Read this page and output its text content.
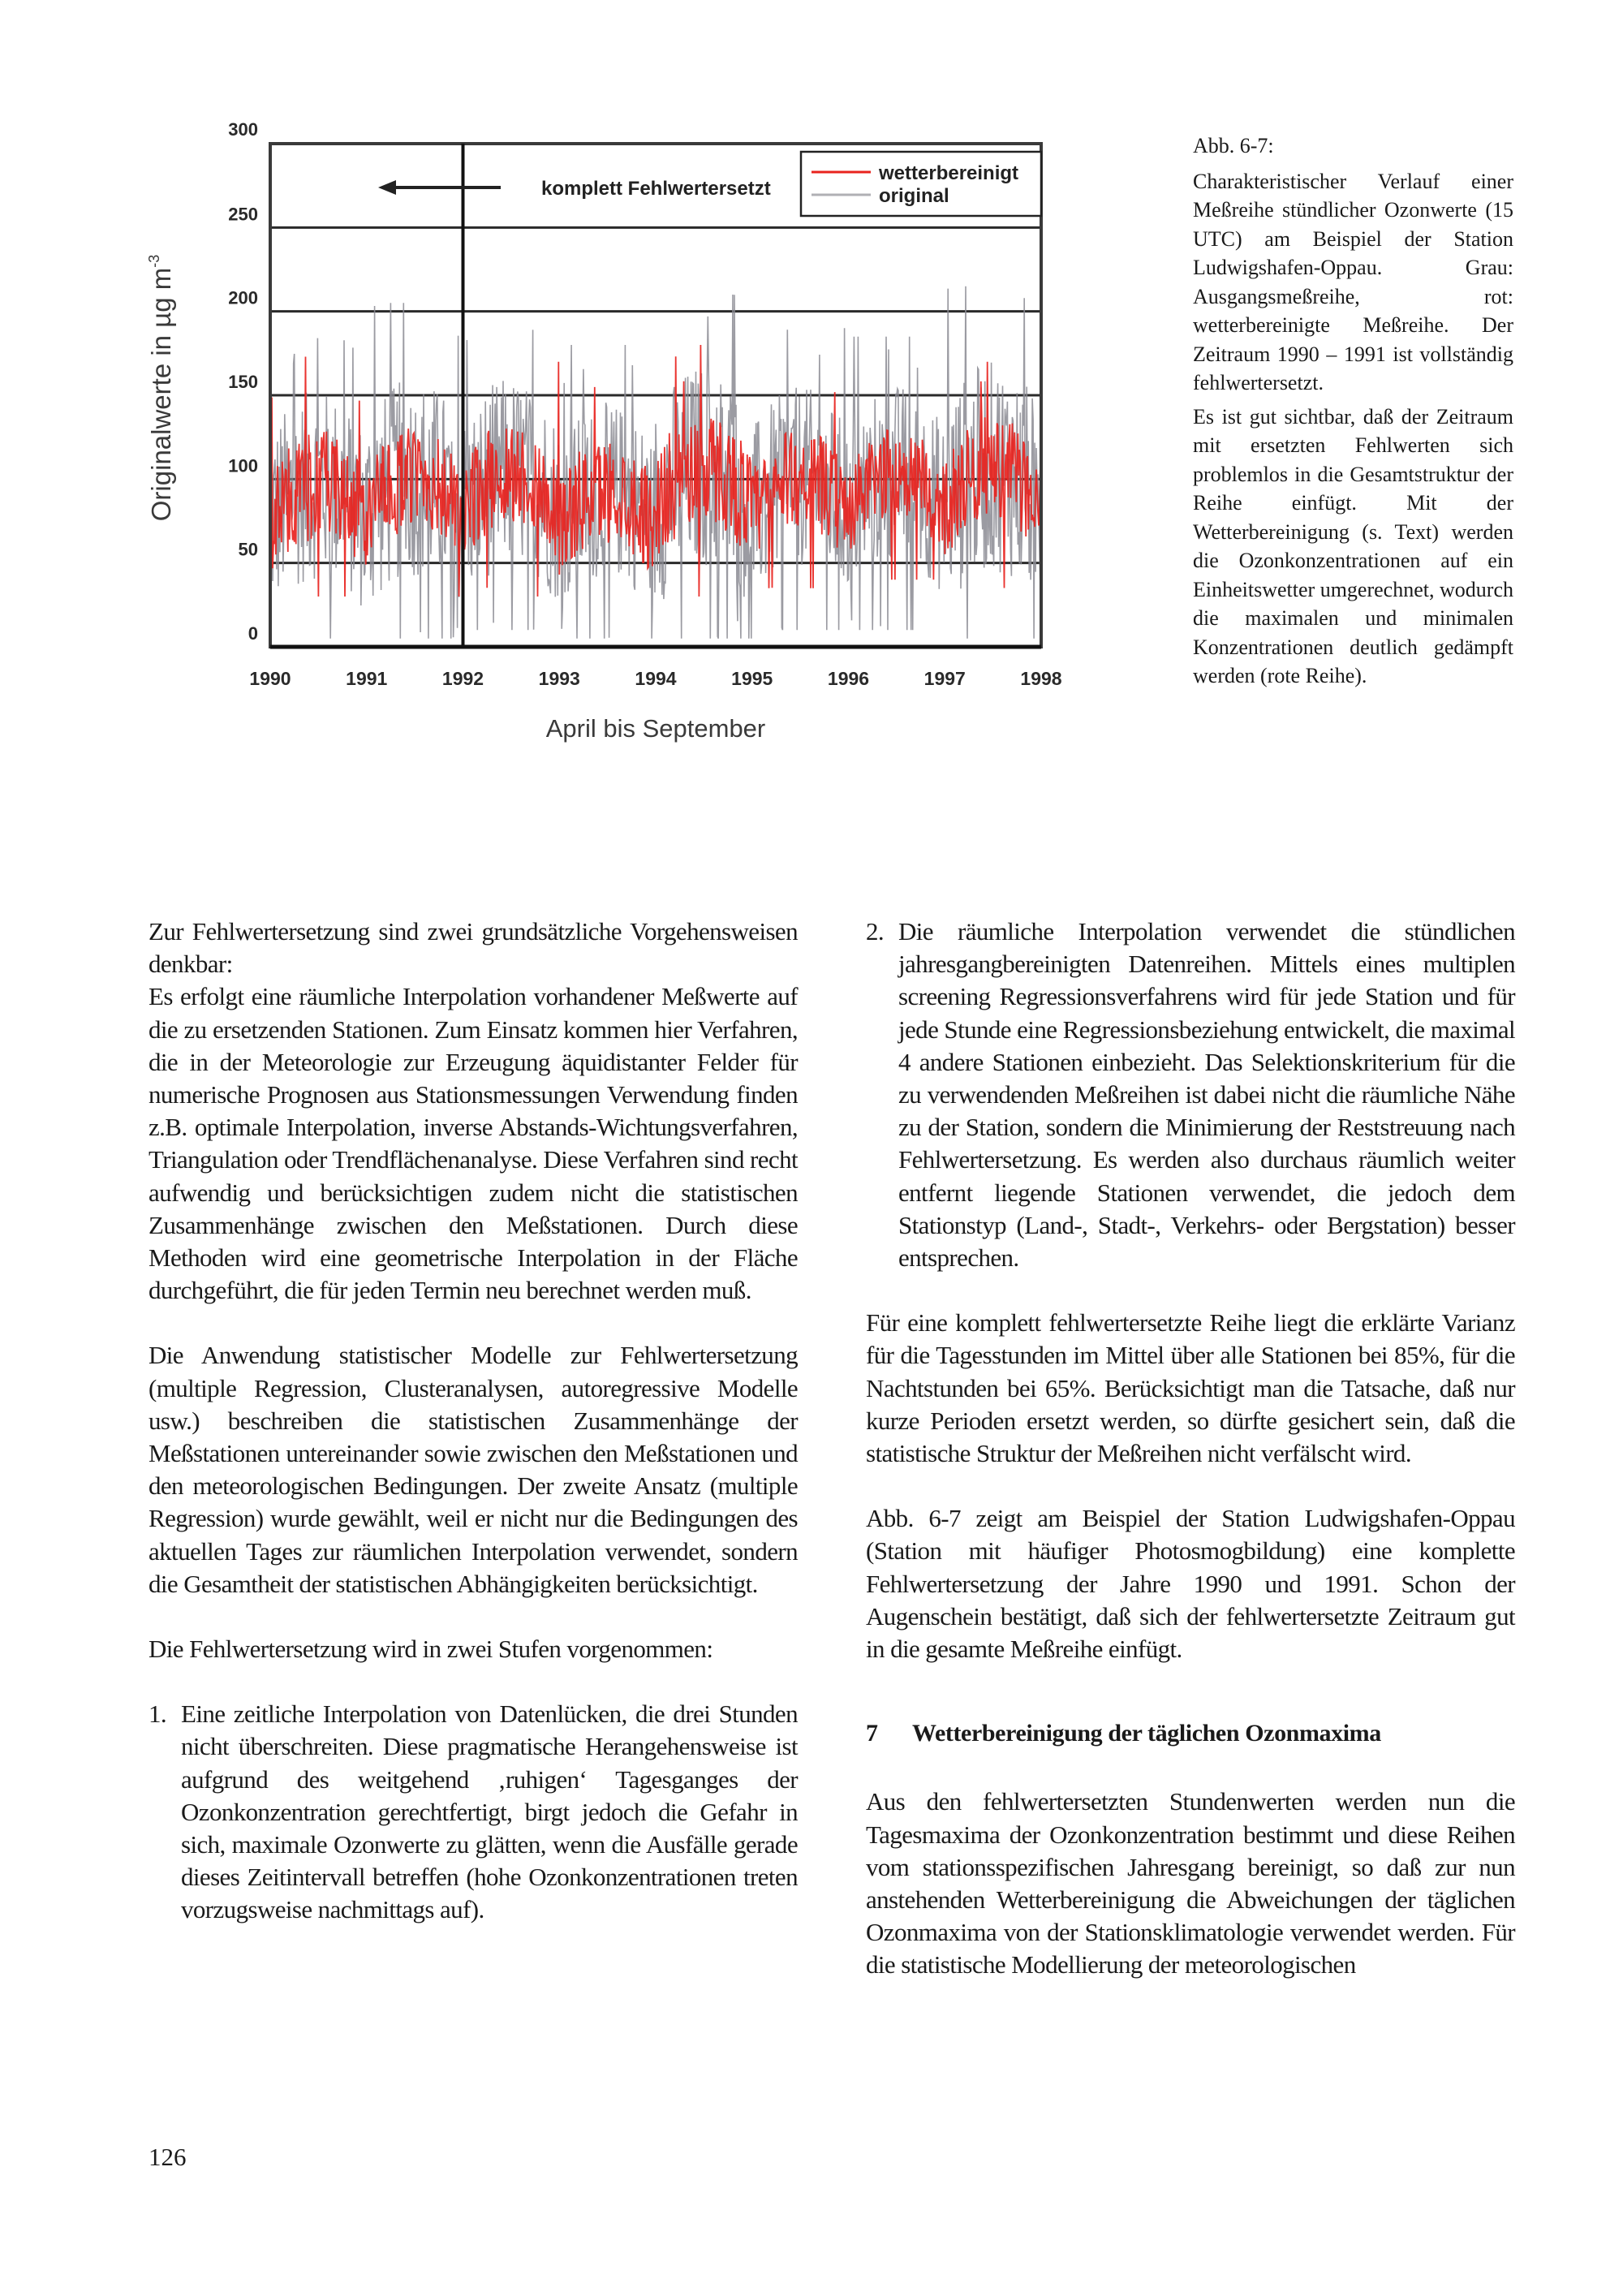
0
50
100
150
200
250
300
1990	1991	1992	1993	1994	1995	1996	1997	1998
Originalwerte in µg $m^{-3}$
April bis September
komplett Fehlwertersetzt
wetterbereinigt
original

Abb. 6-7:

Charakteristischer Verlauf einer Meßreihe stündlicher Ozonwerte (15 UTC) am Beispiel der Station Ludwigshafen-Oppau. Grau: Ausgangsmeßreihe, rot: wetterbereinigte Meßreihe. Der Zeitraum 1990 – 1991 ist vollständig fehlwertersetzt.

Es ist gut sichtbar, daß der Zeitraum mit ersetzten Fehlwerten sich problemlos in die Gesamtstruktur der Reihe einfügt. Mit der Wetterbereinigung (s. Text) werden die Ozonkonzentrationen auf ein Einheitswetter umgerechnet, wodurch die maximalen und minimalen Konzentrationen deutlich gedämpft werden (rote Reihe).

Zur Fehlwertersetzung sind zwei grundsätzliche Vorgehensweisen denkbar:

Es erfolgt eine räumliche Interpolation vorhandener Meßwerte auf die zu ersetzenden Stationen. Zum Einsatz kommen hier Verfahren, die in der Meteorologie zur Erzeugung äquidistanter Felder für numerische Prognosen aus Stationsmessungen Verwendung finden z.B. optimale Interpolation, inverse Abstands-Wichtungsverfahren, Triangulation oder Trendflächenanalyse. Diese Verfahren sind recht aufwendig und berücksichtigen zudem nicht die statistischen Zusammenhänge zwischen den Meßstationen. Durch diese Methoden wird eine geometrische Interpolation in der Fläche durchgeführt, die für jeden Termin neu berechnet werden muß.

Die Anwendung statistischer Modelle zur Fehlwertersetzung (multiple Regression, Clusteranalysen, autoregressive Modelle usw.) beschreiben die statistischen Zusammenhänge der Meßstationen untereinander sowie zwischen den Meßstationen und den meteorologischen Bedingungen. Der zweite Ansatz (multiple Regression) wurde gewählt, weil er nicht nur die Bedingungen des aktuellen Tages zur räumlichen Interpolation verwendet, sondern die Gesamtheit der statistischen Abhängigkeiten berücksichtigt.

Die Fehlwertersetzung wird in zwei Stufen vorgenommen:

1. Eine zeitliche Interpolation von Datenlücken, die drei Stunden nicht überschreiten. Diese pragmatische Herangehensweise ist aufgrund des weitgehend ‚ruhigen‘ Tagesganges der Ozonkonzentration gerechtfertigt, birgt jedoch die Gefahr in sich, maximale Ozonwerte zu glätten, wenn die Ausfälle gerade dieses Zeitintervall betreffen (hohe Ozonkonzentrationen treten vorzugsweise nachmittags auf).
2. Die räumliche Interpolation verwendet die stündlichen jahresgangbereinigten Datenreihen. Mittels eines multiplen screening Regressionsverfahrens wird für jede Station und für jede Stunde eine Regressionsbeziehung entwickelt, die maximal 4 andere Stationen einbezieht. Das Selektionskriterium für die zu verwendenden Meßreihen ist dabei nicht die räumliche Nähe zu der Station, sondern die Minimierung der Reststreuung nach Fehlwertersetzung. Es werden also durchaus räumlich weiter entfernt liegende Stationen verwendet, die jedoch dem Stationstyp (Land-, Stadt-, Verkehrs- oder Bergstation) besser entsprechen.

Für eine komplett fehlwertersetzte Reihe liegt die erklärte Varianz für die Tagesstunden im Mittel über alle Stationen bei 85%, für die Nachtstunden bei 65%. Berücksichtigt man die Tatsache, daß nur kurze Perioden ersetzt werden, so dürfte gesichert sein, daß die statistische Struktur der Meßreihen nicht verfälscht wird.

Abb. 6-7 zeigt am Beispiel der Station Ludwigshafen-Oppau (Station mit häufiger Photosmogbildung) eine komplette Fehlwertersetzung der Jahre 1990 und 1991. Schon der Augenschein bestätigt, daß sich der fehlwertersetzte Zeitraum gut in die gesamte Meßreihe einfügt.

7	Wetterbereinigung der täglichen Ozonmaxima

Aus den fehlwertersetzten Stundenwerten werden nun die Tagesmaxima der Ozonkonzentration bestimmt und diese Reihen vom stationsspezifischen Jahresgang bereinigt, so daß zur nun anstehenden Wetterbereinigung die Abweichungen der täglichen Ozonmaxima von der Stationsklimatologie verwendet werden. Für die statistische Modellierung der meteorologischen

126
